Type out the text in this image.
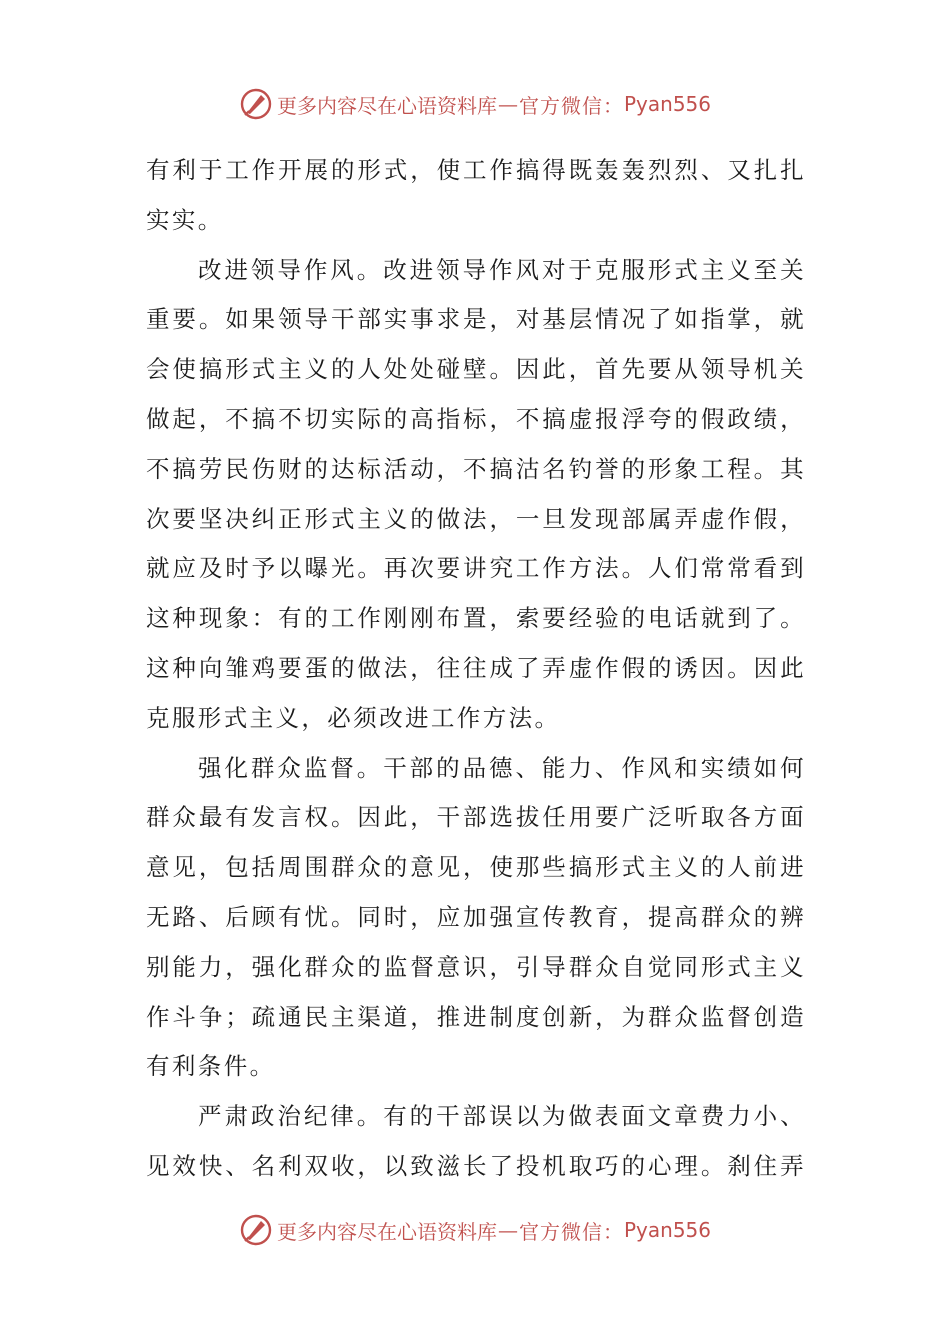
更多内容尽在心语资料库 — 官方微信： Pyan556
有利于工作开展的形式，使工作搞得既轰轰烈烈、又扎扎
实实。
改进领导作风。改进领导作风对于克服形式主义至关
重要。如果领导干部实事求是，对基层情况了如指掌，就
会使搞形式主义的人处处碰壁。因此，首先要从领导机关
做起，不搞不切实际的高指标，不搞虚报浮夸的假政绩，
不搞劳民伤财的达标活动，不搞沽名钓誉的形象工程。其
次要坚决纠正形式主义的做法，一旦发现部属弄虚作假，
就应及时予以曝光。再次要讲究工作方法。人们常常看到
这种现象：有的工作刚刚布置，索要经验的电话就到了。
这种向雏鸡要蛋的做法，往往成了弄虚作假的诱因。因此
克服形式主义，必须改进工作方法。
强化群众监督。干部的品德、能力、作风和实绩如何
群众最有发言权。因此，干部选拔任用要广泛听取各方面
意见，包括周围群众的意见，使那些搞形式主义的人前进
无路、后顾有忧。同时，应加强宣传教育，提高群众的辨
别能力，强化群众的监督意识，引导群众自觉同形式主义
作斗争；疏通民主渠道，推进制度创新，为群众监督创造
有利条件。
严肃政治纪律。有的干部误以为做表面文章费力小、
见效快、名利双收，以致滋长了投机取巧的心理。刹住弄
更多内容尽在心语资料库 — 官方微信： Pyan556
